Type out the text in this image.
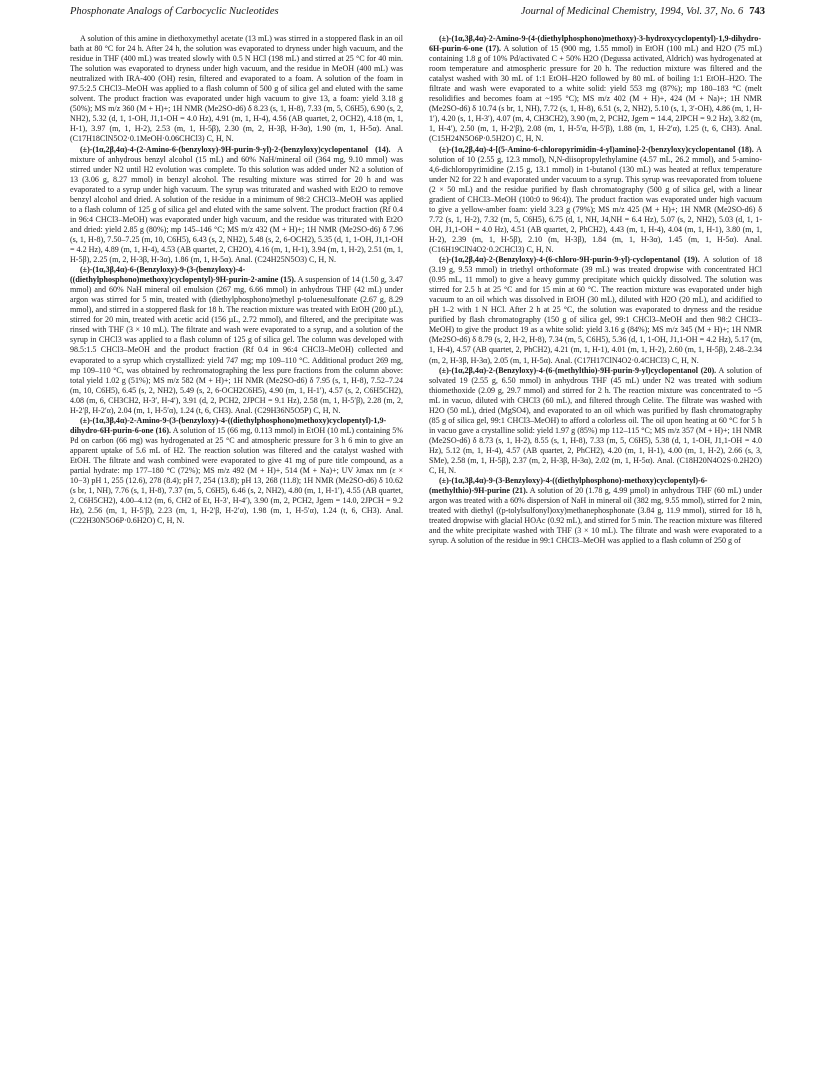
Phosphonate Analogs of Carbocyclic Nucleotides	Journal of Medicinal Chemistry, 1994, Vol. 37, No. 6 743

A solution of this amine in diethoxymethyl acetate (13 mL) was stirred in a stoppered flask in an oil bath at 80 °C for 24 h. After 24 h, the solution was evaporated to dryness under high vacuum, and the residue in THF (400 mL) was treated slowly with 0.5 N HCl (198 mL) and stirred at 25 °C for 40 min. The solution was evaporated to dryness under high vacuum, and the residue in MeOH (400 mL) was neutralized with IRA-400 (OH) resin, filtered and evaporated to a foam. A solution of the foam in 97.5:2.5 CHCl3–MeOH was applied to a flash column of 500 g of silica gel and eluted with the same solvent. The product fraction was evaporated under high vacuum to give 13, a foam: yield 3.18 g (50%); MS m/z 360 (M + H)+; 1H NMR (Me2SO-d6) δ 8.23 (s, 1, H-8), 7.33 (m, 5, C6H5), 6.90 (s, 2, NH2), 5.32 (d, 1, 1-OH, J1,1-OH = 4.0 Hz), 4.91 (m, 1, H-4), 4.56 (AB quartet, 2, OCH2), 4.18 (m, 1, H-1), 3.97 (m, 1, H-2), 2.53 (m, 1, H-5β), 2.30 (m, 2, H-3β, H-3α), 1.90 (m, 1, H-5α). Anal. (C17H18ClN5O2·0.1MeOH·0.06CHCl3) C, H, N.

(±)-(1α,2β,4α)-4-(2-Amino-6-(benzyloxy)-9H-purin-9-yl)-2-(benzyloxy)cyclopentanol (14). A mixture of anhydrous benzyl alcohol (15 mL) and 60% NaH/mineral oil (364 mg, 9.10 mmol) was stirred under N2 until H2 evolution was complete. To this solution was added under N2 a solution of 13 (3.06 g, 8.27 mmol) in benzyl alcohol. The resulting mixture was stirred for 20 h and was evaporated to a syrup under high vacuum. The syrup was triturated and washed with Et2O to remove benzyl alcohol and dried. A solution of the residue in a minimum of 98:2 CHCl3–MeOH was applied to a flash column of 125 g of silica gel and eluted with the same solvent. The product fraction (Rf 0.4 in 96:4 CHCl3–MeOH) was evaporated under high vacuum, and the residue was triturated with Et2O and dried: yield 2.85 g (80%); mp 145–146 °C; MS m/z 432 (M + H)+; 1H NMR (Me2SO-d6) δ 7.96 (s, 1, H-8), 7.50–7.25 (m, 10, C6H5), 6.43 (s, 2, NH2), 5.48 (s, 2, 6-OCH2), 5.35 (d, 1, 1-OH, J1,1-OH = 4.2 Hz), 4.89 (m, 1, H-4), 4.53 (AB quartet, 2, CH2O), 4.16 (m, 1, H-1), 3.94 (m, 1, H-2), 2.51 (m, 1, H-5β), 2.25 (m, 2, H-3β, H-3α), 1.86 (m, 1, H-5α). Anal. (C24H25N5O3) C, H, N.

(±)-(1α,3β,4α)-6-(Benzyloxy)-9-(3-(benzyloxy)-4-((diethylphosphono)methoxy)cyclopentyl)-9H-purin-2-amine (15). A suspension of 14 (1.50 g, 3.47 mmol) and 60% NaH mineral oil emulsion (267 mg, 6.66 mmol) in anhydrous THF (42 mL) under argon was stirred for 5 min, treated with (diethylphosphono)methyl p-toluenesulfonate (2.67 g, 8.29 mmol), and stirred in a stoppered flask for 18 h. The reaction mixture was treated with EtOH (200 µL), stirred for 20 min, treated with acetic acid (156 µL, 2.72 mmol), and filtered, and the precipitate was rinsed with THF (3 × 10 mL). The filtrate and wash were evaporated to a syrup, and a solution of the syrup in CHCl3 was applied to a flash column of 125 g of silica gel. The column was developed with 98.5:1.5 CHCl3–MeOH and the product fraction (Rf 0.4 in 96:4 CHCl3–MeOH) collected and evaporated to a syrup which crystallized: yield 747 mg; mp 109–110 °C. Additional product 269 mg, mp 109–110 °C, was obtained by rechromatographing the less pure fractions from the column above: total yield 1.02 g (51%); MS m/z 582 (M + H)+; 1H NMR (Me2SO-d6) δ 7.95 (s, 1, H-8), 7.52–7.24 (m, 10, C6H5), 6.45 (s, 2, NH2), 5.49 (s, 2, 6-OCH2C6H5), 4.90 (m, 1, H-1′), 4.57 (s, 2, C6H5CH2), 4.08 (m, 6, CH3CH2, H-3′, H-4′), 3.91 (d, 2, PCH2, 2JPCH = 9.1 Hz), 2.58 (m, 1, H-5′β), 2.28 (m, 2, H-2′β, H-2′α), 2.04 (m, 1, H-5′α), 1.24 (t, 6, CH3). Anal. (C29H36N5O5P) C, H, N.

(±)-(1α,3β,4α)-2-Amino-9-(3-(benzyloxy)-4-((diethylphosphono)methoxy)cyclopentyl)-1,9-dihydro-6H-purin-6-one (16). A solution of 15 (66 mg, 0.113 mmol) in EtOH (10 mL) containing 5% Pd on carbon (66 mg) was hydrogenated at 25 °C and atmospheric pressure for 3 h 6 min to give an apparent uptake of 5.6 mL of H2. The reaction solution was filtered and the catalyst washed with EtOH. The filtrate and wash combined were evaporated to give 41 mg of pure title compound, as a partial hydrate: mp 177–180 °C (72%); MS m/z 492 (M + H)+, 514 (M + Na)+; UV λmax nm (ε × 10−3) pH 1, 255 (12.6), 278 (8.4); pH 7, 254 (13.8); pH 13, 268 (11.8); 1H NMR (Me2SO-d6) δ 10.62 (s br, 1, NH), 7.76 (s, 1, H-8), 7.37 (m, 5, C6H5), 6.46 (s, 2, NH2), 4.80 (m, 1, H-1′), 4.55 (AB quartet, 2, C6H5CH2), 4.00–4.12 (m, 6, CH2 of Et, H-3′, H-4′), 3.90 (m, 2, PCH2, Jgem = 14.0, 2JPCH = 9.2 Hz), 2.56 (m, 1, H-5′β), 2.23 (m, 1, H-2′β, H-2′α), 1.98 (m, 1, H-5′α), 1.24 (t, 6, CH3). Anal. (C22H30N5O6P·0.6H2O) C, H, N.

(±)-(1α,3β,4α)-2-Amino-9-(4-(diethylphosphono)methoxy)-3-hydroxycyclopentyl)-1,9-dihydro-6H-purin-6-one (17). A solution of 15 (900 mg, 1.55 mmol) in EtOH (100 mL) and H2O (75 mL) containing 1.8 g of 10% Pd/activated C + 50% H2O (Degussa activated, Aldrich) was hydrogenated at room temperature and atmospheric pressure for 20 h. The reduction mixture was filtered and the catalyst washed with 30 mL of 1:1 EtOH–H2O followed by 80 mL of boiling 1:1 EtOH–H2O. The filtrate and wash were evaporated to a white solid: yield 553 mg (87%); mp 180–183 °C (melt resolidifies and becomes foam at ~195 °C); MS m/z 402 (M + H)+, 424 (M + Na)+; 1H NMR (Me2SO-d6) δ 10.74 (s br, 1, NH), 7.72 (s, 1, H-8), 6.51 (s, 2, NH2), 5.10 (s, 1, 3′-OH), 4.86 (m, 1, H-1′), 4.20 (s, 1, H-3′), 4.07 (m, 4, CH3CH2), 3.90 (m, 2, PCH2, Jgem = 14.4, 2JPCH = 9.2 Hz), 3.82 (m, 1, H-4′), 2.50 (m, 1, H-2′β), 2.08 (m, 1, H-5′α, H-5′β), 1.88 (m, 1, H-2′α), 1.25 (t, 6, CH3). Anal. (C15H24N5O6P·0.5H2O) C, H, N.

(±)-(1α,2β,4α)-4-[(5-Amino-6-chloropyrimidin-4-yl)amino]-2-(benzyloxy)cyclopentanol (18). A solution of 10 (2.55 g, 12.3 mmol), N,N-diisopropylethylamine (4.57 mL, 26.2 mmol), and 5-amino-4,6-dichloropyrimidine (2.15 g, 13.1 mmol) in 1-butanol (130 mL) was heated at reflux temperature under N2 for 22 h and evaporated under vacuum to a syrup. This syrup was reevaporated from toluene (2 × 50 mL) and the residue purified by flash chromatography (500 g of silica gel, with a linear gradient of CHCl3–MeOH (100:0 to 96:4)). The product fraction was evaporated under high vacuum to give a yellow-amber foam: yield 3.23 g (79%); MS m/z 425 (M + H)+; 1H NMR (Me2SO-d6) δ 7.72 (s, 1, H-2), 7.32 (m, 5, C6H5), 6.75 (d, 1, NH, J4,NH = 6.4 Hz), 5.07 (s, 2, NH2), 5.03 (d, 1, 1-OH, J1,1-OH = 4.0 Hz), 4.51 (AB quartet, 2, PhCH2), 4.43 (m, 1, H-4), 4.04 (m, 1, H-1), 3.80 (m, 1, H-2), 2.39 (m, 1, H-5β), 2.10 (m, H-3β), 1.84 (m, 1, H-3α), 1.45 (m, 1, H-5α). Anal. (C16H19ClN4O2·0.2CHCl3) C, H, N.

(±)-(1α,2β,4α)-2-(Benzyloxy)-4-(6-chloro-9H-purin-9-yl)-cyclopentanol (19). A solution of 18 (3.19 g, 9.53 mmol) in triethyl orthoformate (39 mL) was treated dropwise with concentrated HCl (0.95 mL, 11 mmol) to give a heavy gummy precipitate which quickly dissolved. The solution was stirred for 2.5 h at 25 °C and for 15 min at 60 °C. The reaction mixture was evaporated under high vacuum to an oil which was dissolved in EtOH (30 mL), diluted with H2O (20 mL), and acidified to pH 1–2 with 1 N HCl. After 2 h at 25 °C, the solution was evaporated to dryness and the residue purified by flash chromatography (150 g of silica gel, 99:1 CHCl3–MeOH and then 98:2 CHCl3–MeOH) to give the product 19 as a white solid: yield 3.16 g (84%); MS m/z 345 (M + H)+; 1H NMR (Me2SO-d6) δ 8.79 (s, 2, H-2, H-8), 7.34 (m, 5, C6H5), 5.36 (d, 1, 1-OH, J1,1-OH = 4.2 Hz), 5.17 (m, 1, H-4), 4.57 (AB quartet, 2, PhCH2), 4.21 (m, 1, H-1), 4.01 (m, 1, H-2), 2.60 (m, 1, H-5β), 2.48–2.34 (m, 2, H-3β, H-3α), 2.05 (m, 1, H-5α). Anal. (C17H17ClN4O2·0.4CHCl3) C, H, N.

(±)-(1α,2β,4α)-2-(Benzyloxy)-4-(6-(methylthio)-9H-purin-9-yl)cyclopentanol (20). A solution of solvated 19 (2.55 g, 6.50 mmol) in anhydrous THF (45 mL) under N2 was treated with sodium thiomethoxide (2.09 g, 29.7 mmol) and stirred for 2 h. The reaction mixture was concentrated to ~5 mL in vacuo, diluted with CHCl3 (60 mL), and filtered through Celite. The filtrate was washed with H2O (50 mL), dried (MgSO4), and evaporated to an oil which was purified by flash chromatography (85 g of silica gel, 99:1 CHCl3–MeOH) to afford a colorless oil. The oil upon heating at 60 °C for 5 h in vacuo gave a crystalline solid: yield 1.97 g (85%) mp 112–115 °C; MS m/z 357 (M + H)+; 1H NMR (Me2SO-d6) δ 8.73 (s, 1, H-2), 8.55 (s, 1, H-8), 7.33 (m, 5, C6H5), 5.38 (d, 1, 1-OH, J1,1-OH = 4.0 Hz), 5.12 (m, 1, H-4), 4.57 (AB quartet, 2, PhCH2), 4.20 (m, 1, H-1), 4.00 (m, 1, H-2), 2.66 (s, 3, SMe), 2.58 (m, 1, H-5β), 2.37 (m, 2, H-3β, H-3α), 2.02 (m, 1, H-5α). Anal. (C18H20N4O2S·0.2H2O) C, H, N.

(±)-(1α,3β,4α)-9-(3-Benzyloxy)-4-((diethylphosphono)-methoxy)cyclopentyl)-6-(methylthio)-9H-purine (21). A solution of 20 (1.78 g, 4.99 µmol) in anhydrous THF (60 mL) under argon was treated with a 60% dispersion of NaH in mineral oil (382 mg, 9.55 mmol), stirred for 2 min, treated with diethyl ((p-tolylsulfonyl)oxy)methanephosphonate (3.84 g, 11.9 mmol), stirred for 18 h, treated dropwise with glacial HOAc (0.92 mL), and stirred for 5 min. The reaction mixture was filtered and the white precipitate washed with THF (3 × 10 mL). The filtrate and wash were evaporated to a syrup. A solution of the residue in 99:1 CHCl3–MeOH was applied to a flash column of 250 g of
